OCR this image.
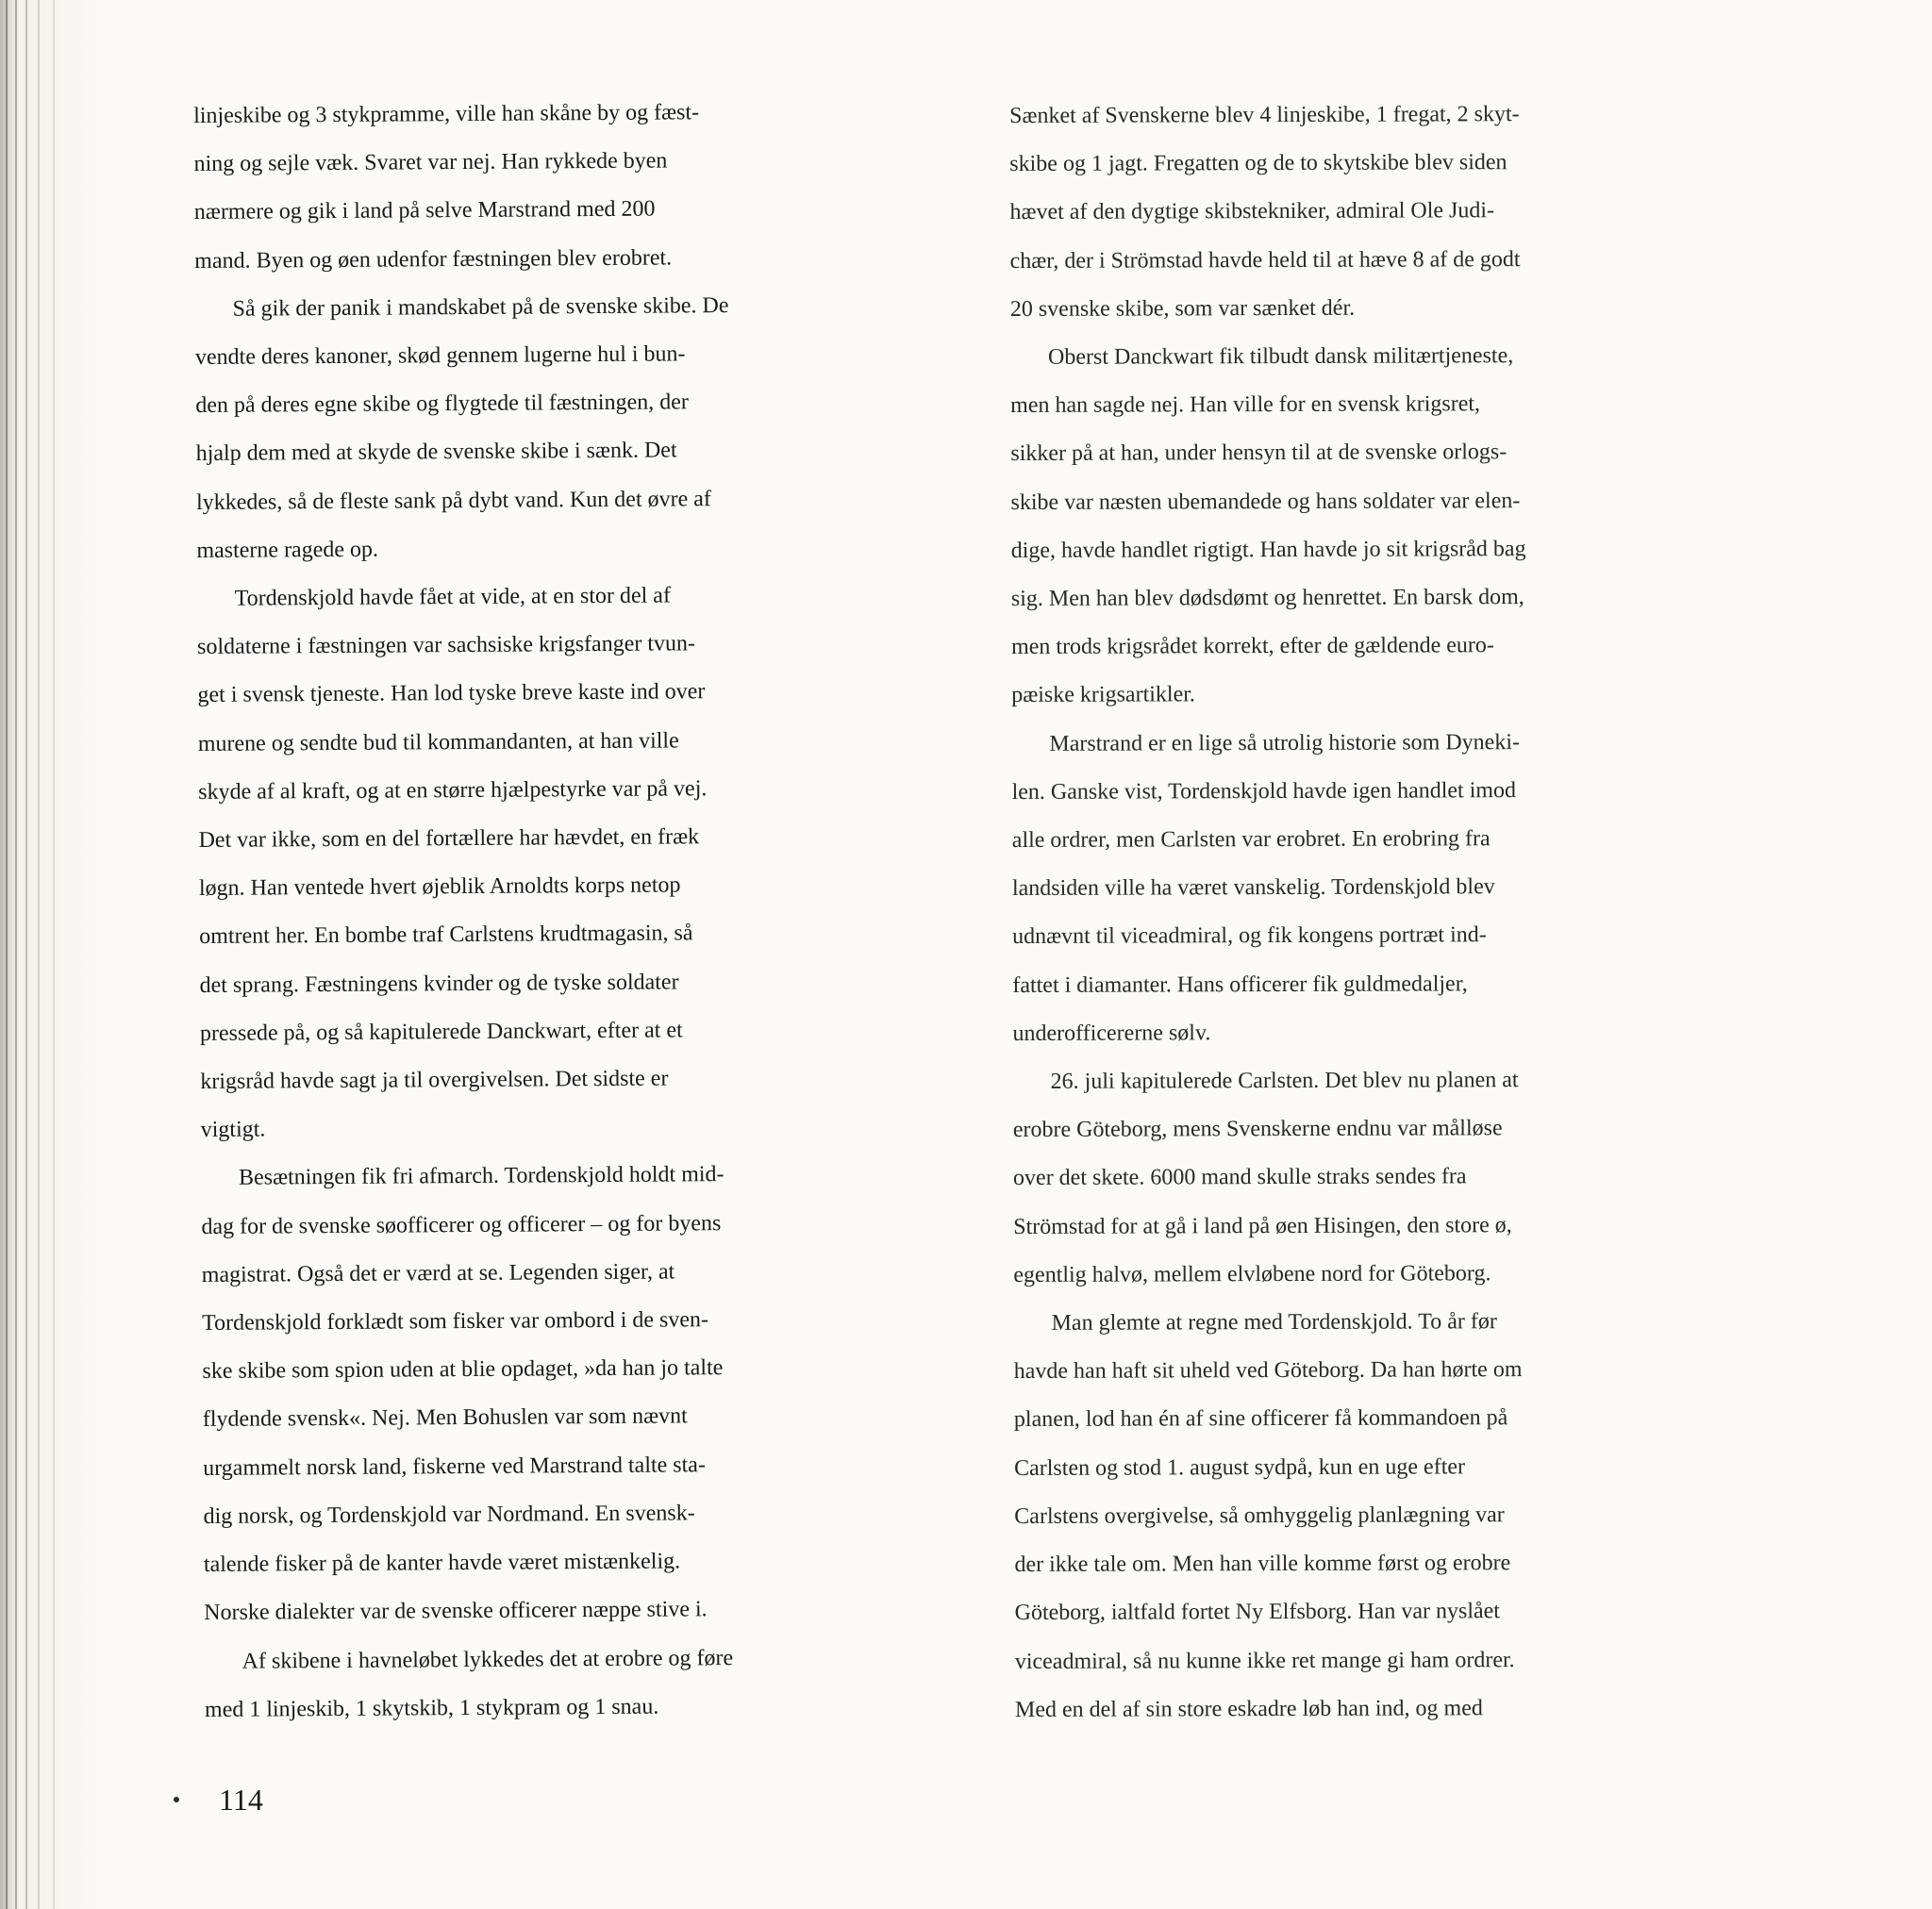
linjeskibe og 3 stykpramme, ville han skåne by og fæst-
ning og sejle væk. Svaret var nej. Han rykkede byen
nærmere og gik i land på selve Marstrand med 200
mand. Byen og øen udenfor fæstningen blev erobret.
Så gik der panik i mandskabet på de svenske skibe. De
vendte deres kanoner, skød gennem lugerne hul i bun-
den på deres egne skibe og flygtede til fæstningen, der
hjalp dem med at skyde de svenske skibe i sænk. Det
lykkedes, så de fleste sank på dybt vand. Kun det øvre af
masterne ragede op.
Tordenskjold havde fået at vide, at en stor del af
soldaterne i fæstningen var sachsiske krigsfanger tvun-
get i svensk tjeneste. Han lod tyske breve kaste ind over
murene og sendte bud til kommandanten, at han ville
skyde af al kraft, og at en større hjælpestyrke var på vej.
Det var ikke, som en del fortællere har hævdet, en fræk
løgn. Han ventede hvert øjeblik Arnoldts korps netop
omtrent her. En bombe traf Carlstens krudtmagasin, så
det sprang. Fæstningens kvinder og de tyske soldater
pressede på, og så kapitulerede Danckwart, efter at et
krigsråd havde sagt ja til overgivelsen. Det sidste er
vigtigt.
Besætningen fik fri afmarch. Tordenskjold holdt mid-
dag for de svenske søofficerer og officerer – og for byens
magistrat. Også det er værd at se. Legenden siger, at
Tordenskjold forklædt som fisker var ombord i de sven-
ske skibe som spion uden at blie opdaget, »da han jo talte
flydende svensk«. Nej. Men Bohuslen var som nævnt
urgammelt norsk land, fiskerne ved Marstrand talte sta-
dig norsk, og Tordenskjold var Nordmand. En svensk-
talende fisker på de kanter havde været mistænkelig.
Norske dialekter var de svenske officerer næppe stive i.
Af skibene i havneløbet lykkedes det at erobre og føre
med 1 linjeskib, 1 skytskib, 1 stykpram og 1 snau.
Sænket af Svenskerne blev 4 linjeskibe, 1 fregat, 2 skyt-
skibe og 1 jagt. Fregatten og de to skytskibe blev siden
hævet af den dygtige skibstekniker, admiral Ole Judi-
chær, der i Strömstad havde held til at hæve 8 af de godt
20 svenske skibe, som var sænket dér.
Oberst Danckwart fik tilbudt dansk militærtjeneste,
men han sagde nej. Han ville for en svensk krigsret,
sikker på at han, under hensyn til at de svenske orlogs-
skibe var næsten ubemandede og hans soldater var elen-
dige, havde handlet rigtigt. Han havde jo sit krigsråd bag
sig. Men han blev dødsdømt og henrettet. En barsk dom,
men trods krigsrådet korrekt, efter de gældende euro-
pæiske krigsartikler.
Marstrand er en lige så utrolig historie som Dyneki-
len. Ganske vist, Tordenskjold havde igen handlet imod
alle ordrer, men Carlsten var erobret. En erobring fra
landsiden ville ha været vanskelig. Tordenskjold blev
udnævnt til viceadmiral, og fik kongens portræt ind-
fattet i diamanter. Hans officerer fik guldmedaljer,
underofficererne sølv.
26. juli kapitulerede Carlsten. Det blev nu planen at
erobre Göteborg, mens Svenskerne endnu var målløse
over det skete. 6000 mand skulle straks sendes fra
Strömstad for at gå i land på øen Hisingen, den store ø,
egentlig halvø, mellem elvløbene nord for Göteborg.
Man glemte at regne med Tordenskjold. To år før
havde han haft sit uheld ved Göteborg. Da han hørte om
planen, lod han én af sine officerer få kommandoen på
Carlsten og stod 1. august sydpå, kun en uge efter
Carlstens overgivelse, så omhyggelig planlægning var
der ikke tale om. Men han ville komme først og erobre
Göteborg, ialtfald fortet Ny Elfsborg. Han var nyslået
viceadmiral, så nu kunne ikke ret mange gi ham ordrer.
Med en del af sin store eskadre løb han ind, og med
114
